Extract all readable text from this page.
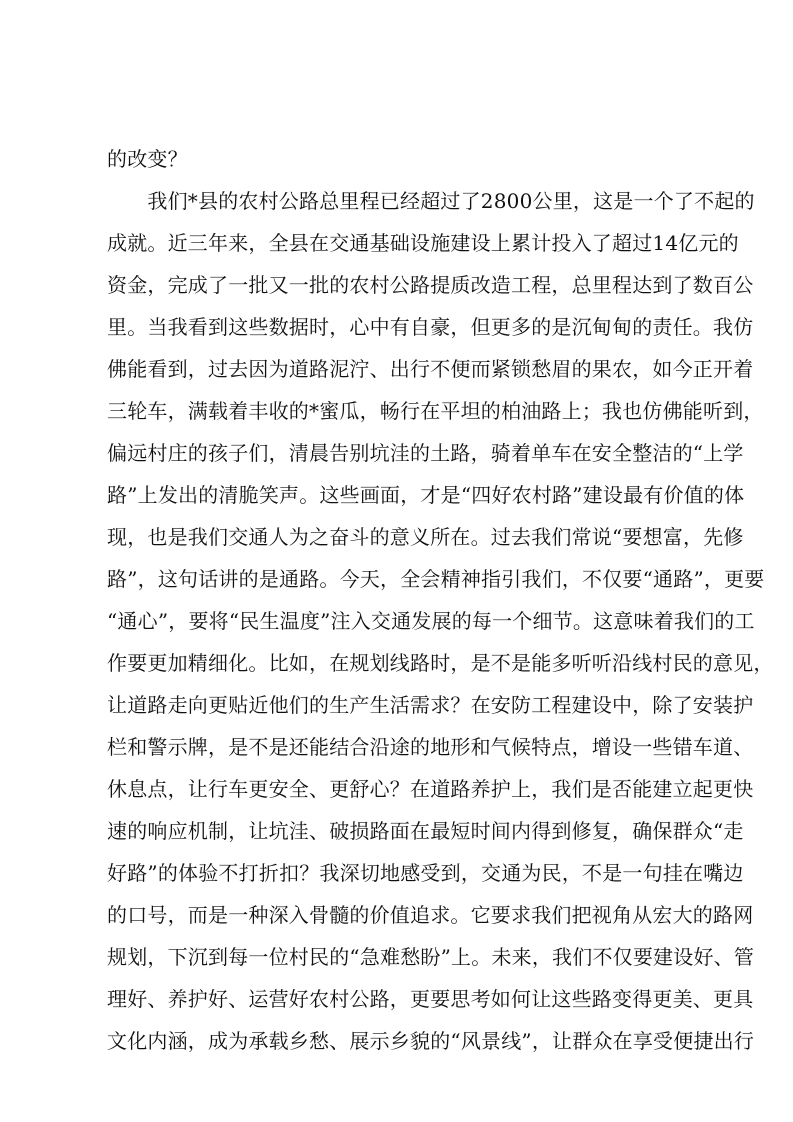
的改变？
　　我们*县的农村公路总里程已经超过了2800公里，这是一个了不起的
成就。近三年来，全县在交通基础设施建设上累计投入了超过14亿元的
资金，完成了一批又一批的农村公路提质改造工程，总里程达到了数百公
里。当我看到这些数据时，心中有自豪，但更多的是沉甸甸的责任。我仿
佛能看到，过去因为道路泥泞、出行不便而紧锁愁眉的果农，如今正开着
三轮车，满载着丰收的*蜜瓜，畅行在平坦的柏油路上；我也仿佛能听到，
偏远村庄的孩子们，清晨告别坑洼的土路，骑着单车在安全整洁的“上学
路”上发出的清脆笑声。这些画面，才是“四好农村路”建设最有价值的体
现，也是我们交通人为之奋斗的意义所在。过去我们常说“要想富，先修
路”，这句话讲的是通路。今天，全会精神指引我们，不仅要“通路”，更要
“通心”，要将“民生温度”注入交通发展的每一个细节。这意味着我们的工
作要更加精细化。比如，在规划线路时，是不是能多听听沿线村民的意见，
让道路走向更贴近他们的生产生活需求？在安防工程建设中，除了安装护
栏和警示牌，是不是还能结合沿途的地形和气候特点，增设一些错车道、
休息点，让行车更安全、更舒心？在道路养护上，我们是否能建立起更快
速的响应机制，让坑洼、破损路面在最短时间内得到修复，确保群众“走
好路”的体验不打折扣？我深切地感受到，交通为民，不是一句挂在嘴边
的口号，而是一种深入骨髓的价值追求。它要求我们把视角从宏大的路网
规划，下沉到每一位村民的“急难愁盼”上。未来，我们不仅要建设好、管
理好、养护好、运营好农村公路，更要思考如何让这些路变得更美、更具
文化内涵，成为承载乡愁、展示乡貌的“风景线”，让群众在享受便捷出行
